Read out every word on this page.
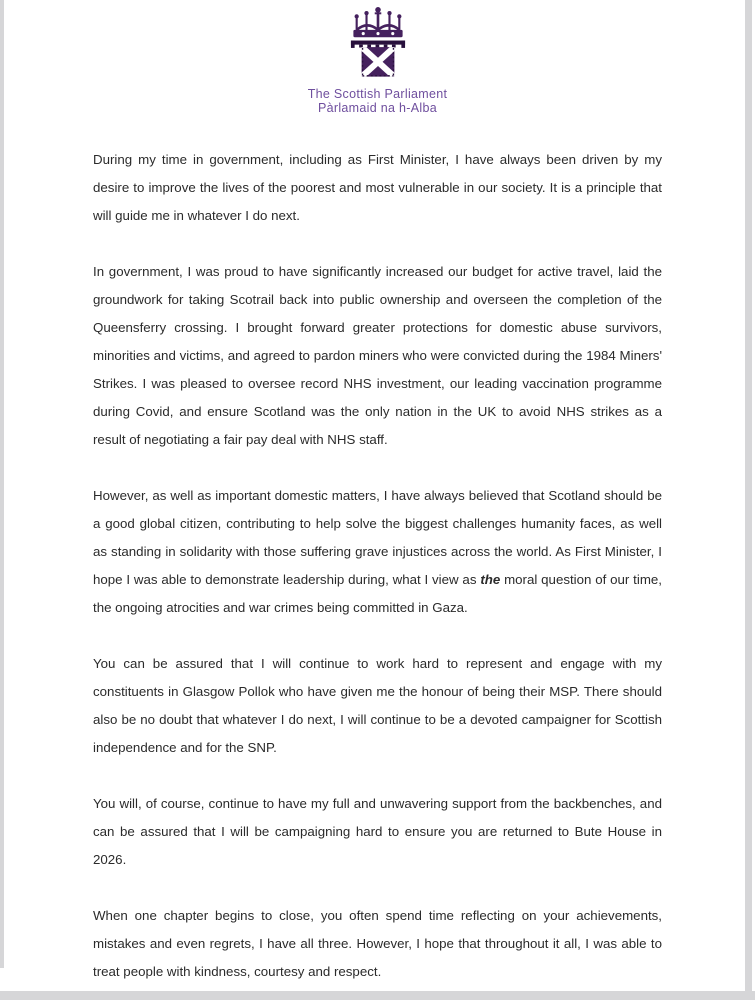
The Scottish Parliament
Pàrlamaid na h-Alba

During my time in government, including as First Minister, I have always been driven by my desire to improve the lives of the poorest and most vulnerable in our society. It is a principle that will guide me in whatever I do next.

In government, I was proud to have significantly increased our budget for active travel, laid the groundwork for taking Scotrail back into public ownership and overseen the completion of the Queensferry crossing. I brought forward greater protections for domestic abuse survivors, minorities and victims, and agreed to pardon miners who were convicted during the 1984 Miners' Strikes. I was pleased to oversee record NHS investment, our leading vaccination programme during Covid, and ensure Scotland was the only nation in the UK to avoid NHS strikes as a result of negotiating a fair pay deal with NHS staff.

However, as well as important domestic matters, I have always believed that Scotland should be a good global citizen, contributing to help solve the biggest challenges humanity faces, as well as standing in solidarity with those suffering grave injustices across the world. As First Minister, I hope I was able to demonstrate leadership during, what I view as the moral question of our time, the ongoing atrocities and war crimes being committed in Gaza.

You can be assured that I will continue to work hard to represent and engage with my constituents in Glasgow Pollok who have given me the honour of being their MSP. There should also be no doubt that whatever I do next, I will continue to be a devoted campaigner for Scottish independence and for the SNP.

You will, of course, continue to have my full and unwavering support from the backbenches, and can be assured that I will be campaigning hard to ensure you are returned to Bute House in 2026.

When one chapter begins to close, you often spend time reflecting on your achievements, mistakes and even regrets, I have all three. However, I hope that throughout it all, I was able to treat people with kindness, courtesy and respect.
